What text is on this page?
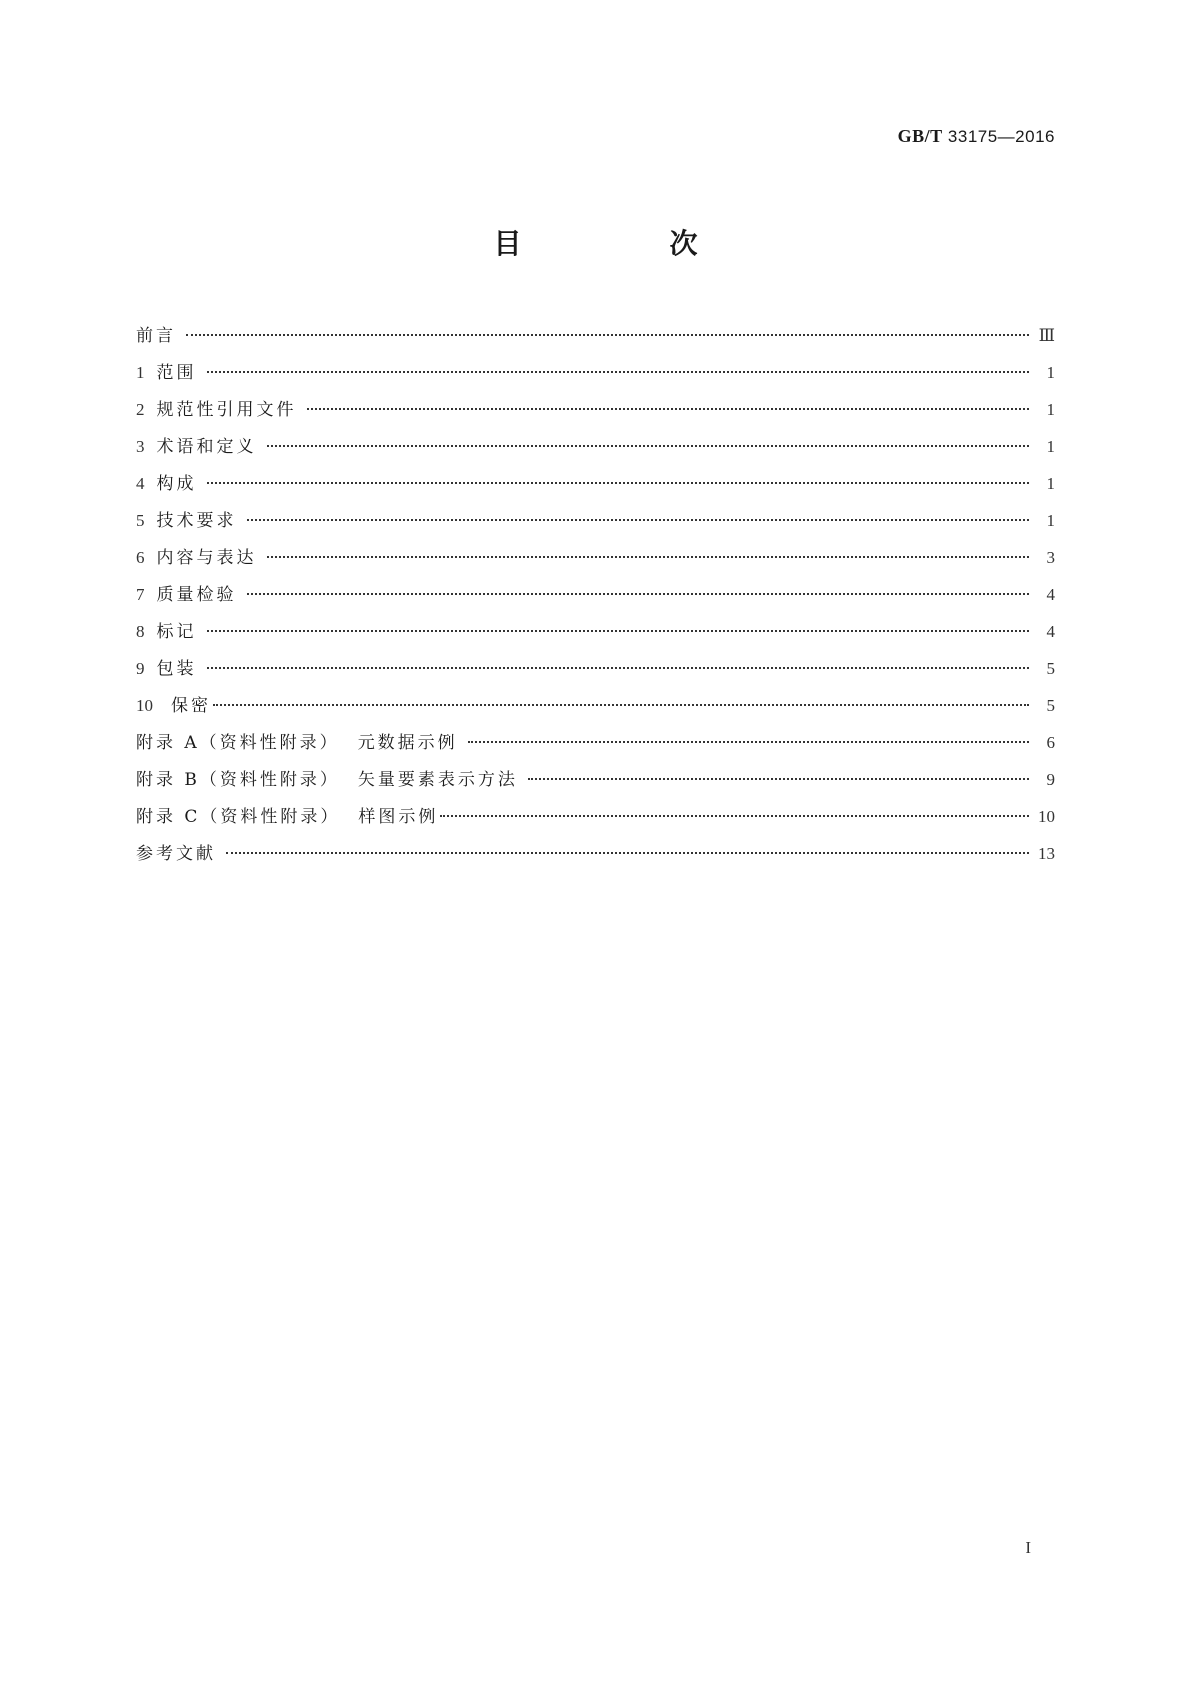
GB/T 33175—2016
目　次
前言	Ⅲ
1 范围	1
2 规范性引用文件	1
3 术语和定义	1
4 构成	1
5 技术要求	1
6 内容与表达	3
7 质量检验	4
8 标记	4
9 包装	5
10 保密	5
附录 A（资料性附录） 元数据示例	6
附录 B（资料性附录） 矢量要素表示方法	9
附录 C（资料性附录） 样图示例	10
参考文献	13
I
